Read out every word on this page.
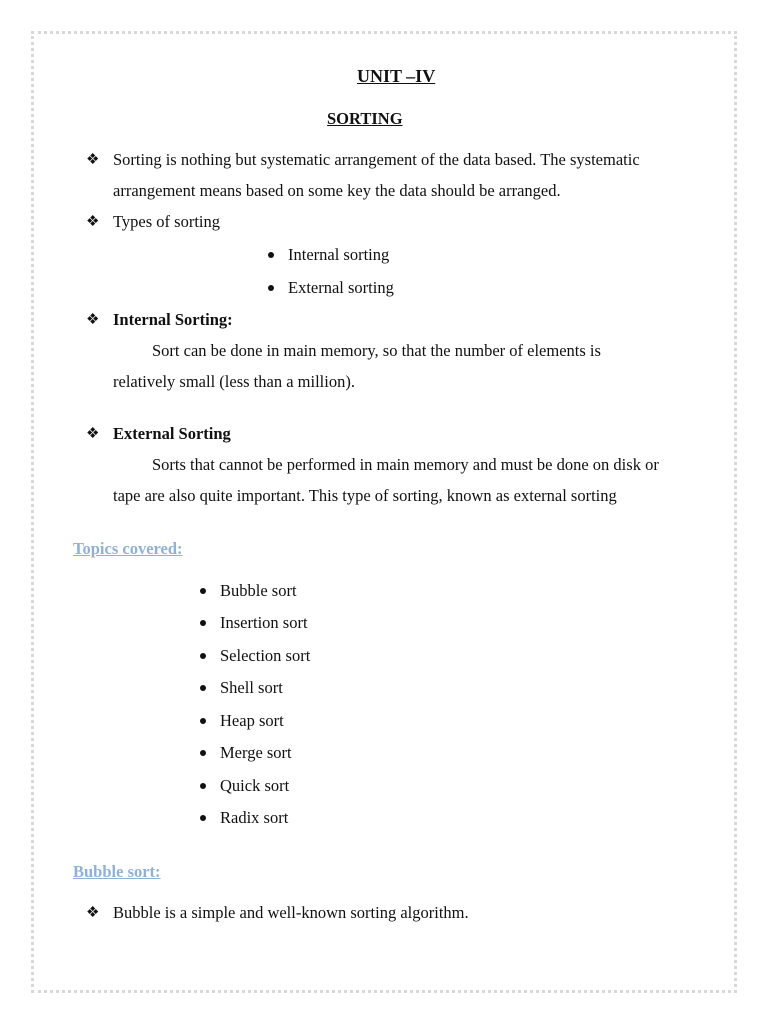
UNIT –IV
SORTING
❖ Sorting is nothing but systematic arrangement of the data based. The systematic
arrangement means based on some key the data should be arranged.
❖ Types of sorting
Internal sorting
External sorting
❖ Internal Sorting:
Sort can be done in main memory, so that the number of elements is
relatively small (less than a million).
❖ External Sorting
Sorts that cannot be performed in main memory and must be done on disk or
tape are also quite important. This type of sorting, known as external sorting
Topics covered:
Bubble sort
Insertion sort
Selection sort
Shell sort
Heap sort
Merge sort
Quick sort
Radix sort
Bubble sort:
❖ Bubble is a simple and well-known sorting algorithm.
